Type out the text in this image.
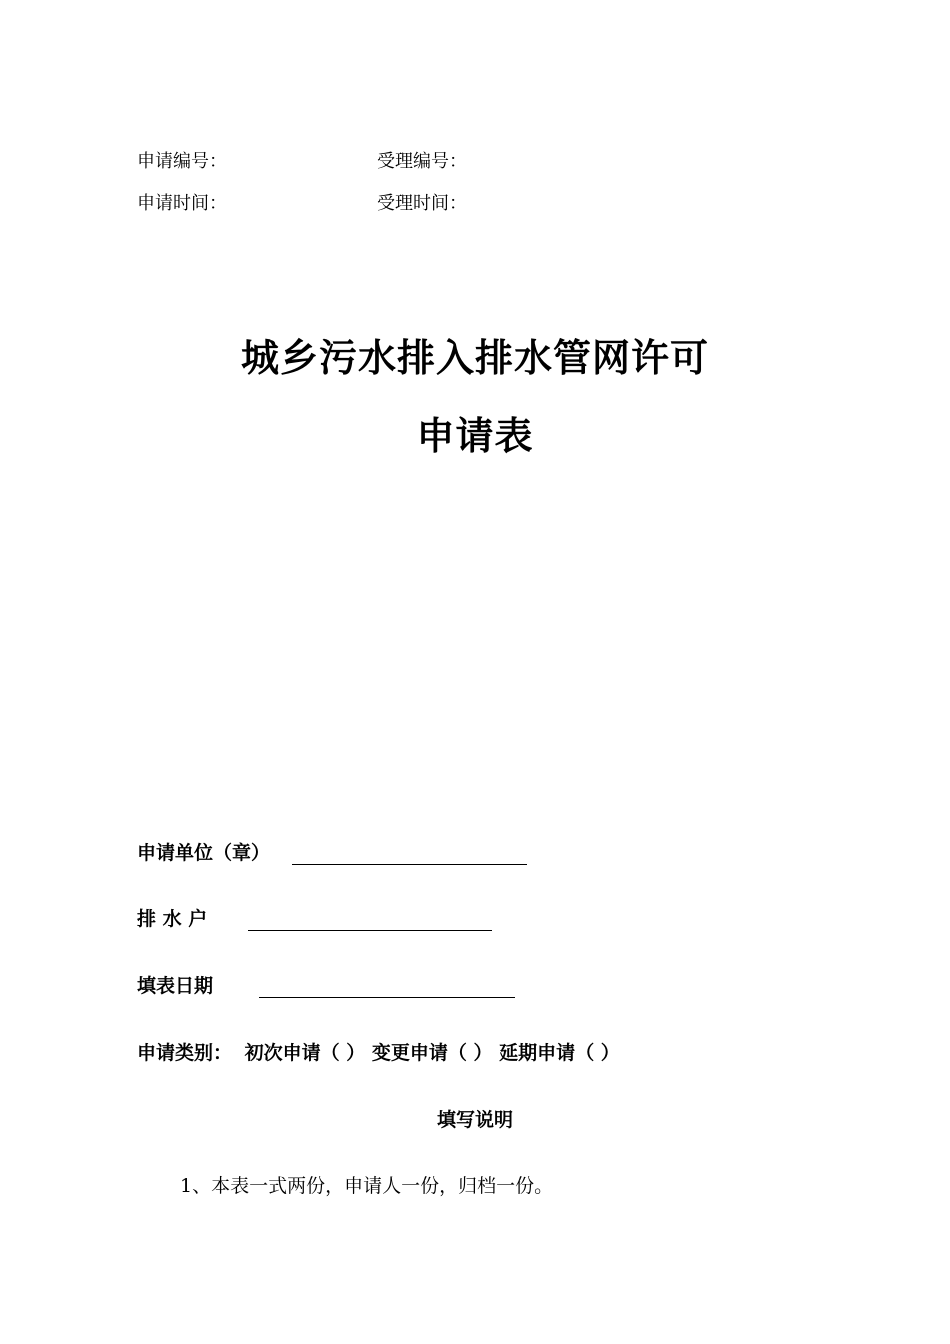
申请编号：	受理编号：
申请时间：	受理时间：
城乡污水排入排水管网许可
申请表
申请单位（章）
排 水 户
填表日期
申请类别： 初次申请（ ） 变更申请（ ） 延期申请（ ）
填写说明
1、本表一式两份，申请人一份，归档一份。
